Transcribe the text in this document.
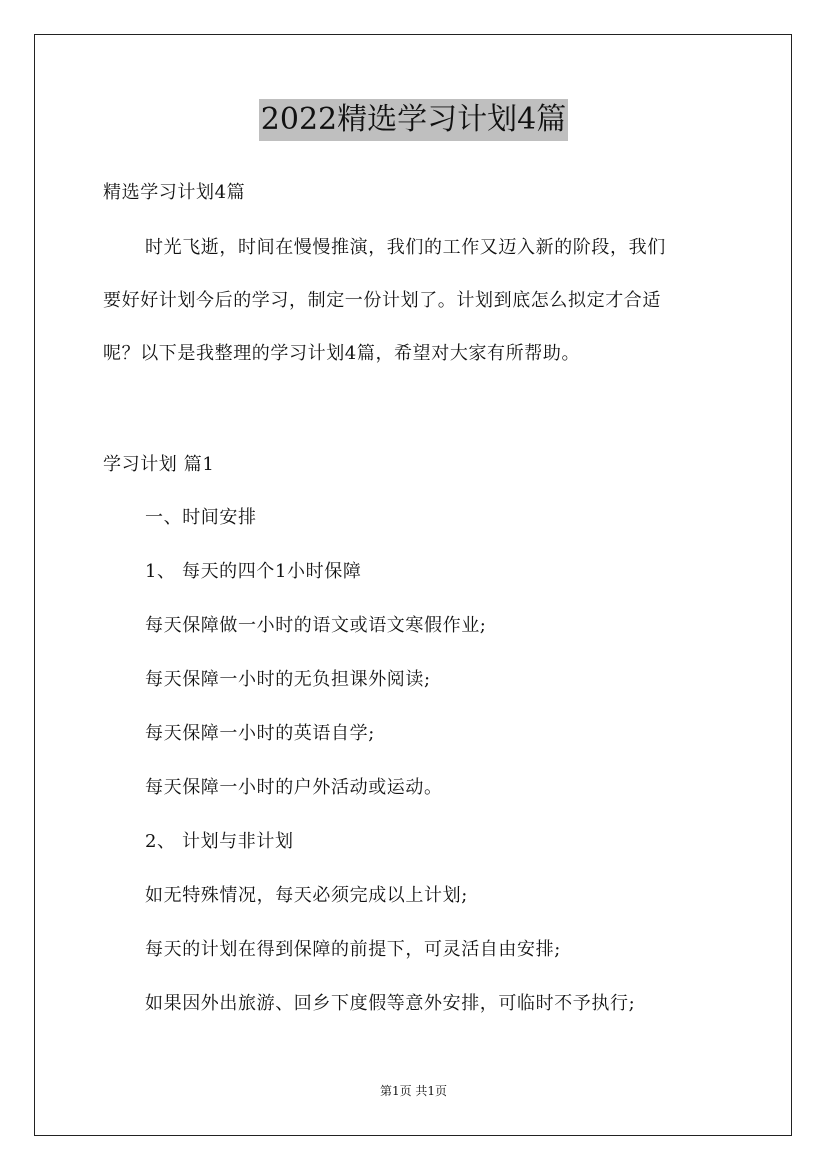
2022精选学习计划4篇
精选学习计划4篇
时光飞逝，时间在慢慢推演，我们的工作又迈入新的阶段，我们
要好好计划今后的学习，制定一份计划了。计划到底怎么拟定才合适
呢？以下是我整理的学习计划4篇，希望对大家有所帮助。
学习计划 篇1
一、时间安排
1、 每天的四个1小时保障
每天保障做一小时的语文或语文寒假作业;
每天保障一小时的无负担课外阅读;
每天保障一小时的英语自学;
每天保障一小时的户外活动或运动。
2、 计划与非计划
如无特殊情况，每天必须完成以上计划;
每天的计划在得到保障的前提下，可灵活自由安排;
如果因外出旅游、回乡下度假等意外安排，可临时不予执行;
第1页 共1页
